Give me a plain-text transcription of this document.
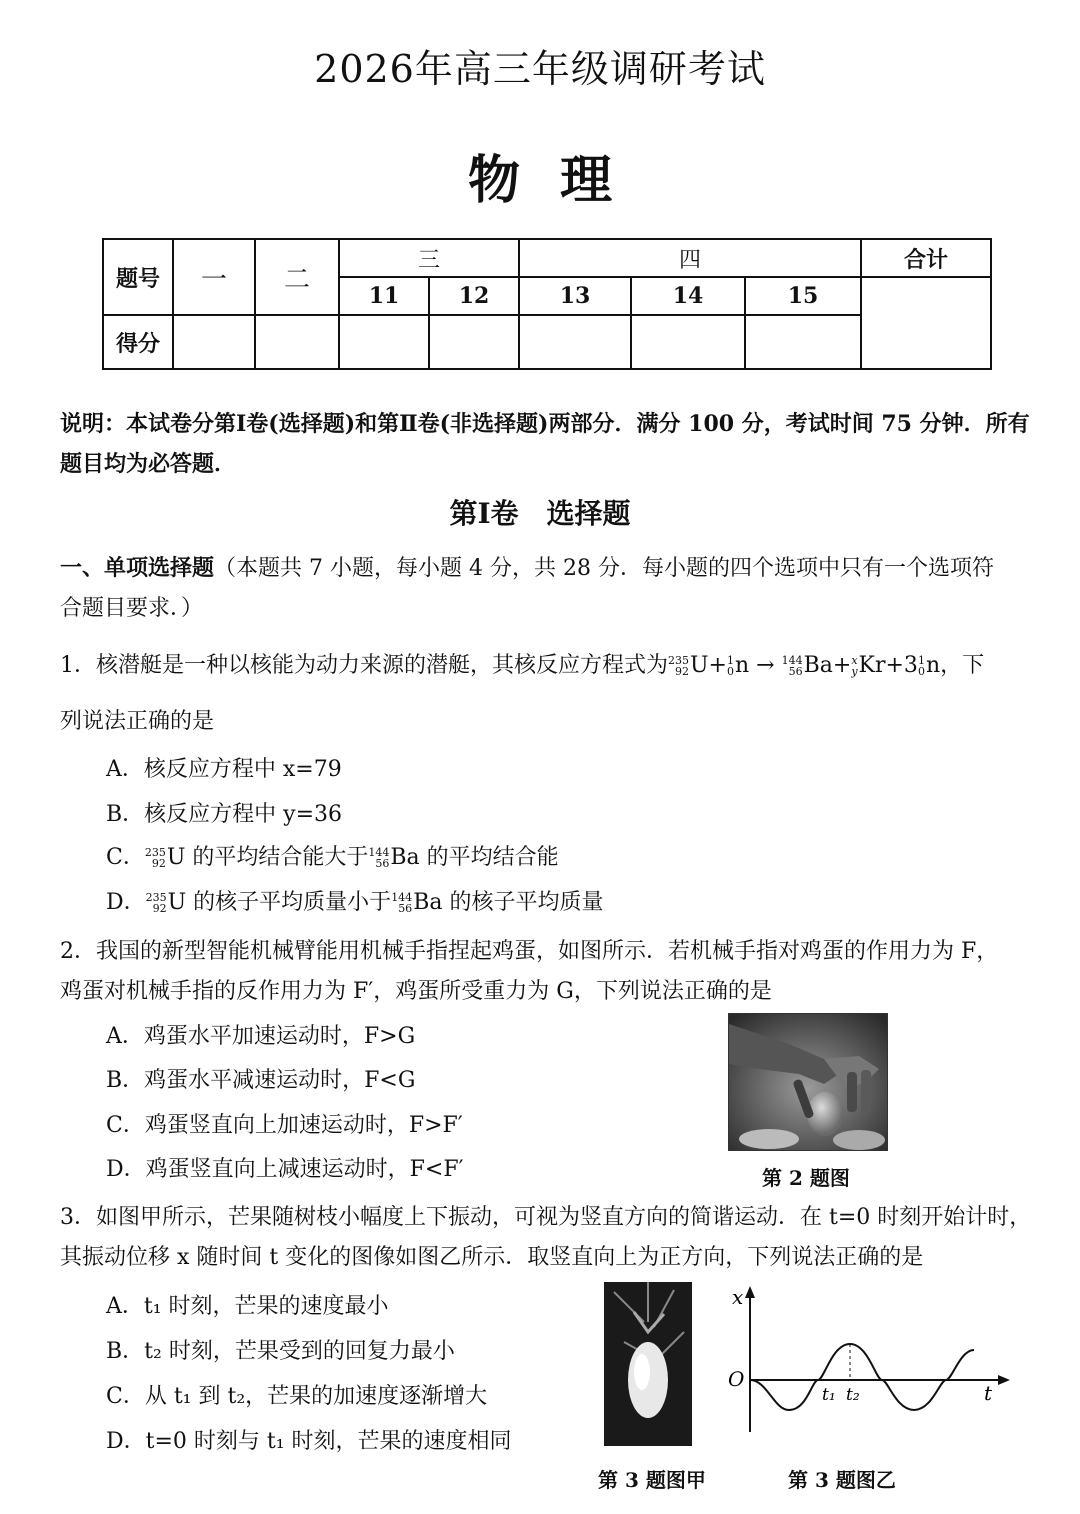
2026年高三年级调研考试
物理
题号	一	二	三		四			合计
			11	12	13	14	15	
得分								
说明：本试卷分第Ⅰ卷(选择题)和第Ⅱ卷(非选择题)两部分．满分 100 分，考试时间 75 分钟．所有
题目均为必答题．
第Ⅰ卷　选择题
一、单项选择题（本题共 7 小题，每小题 4 分，共 28 分．每小题的四个选项中只有一个选项符
合题目要求．）
1．核潜艇是一种以核能为动力来源的潜艇，其核反应方程式为 235
92 U+ 1
0 n → 144
56 Ba+ x
y Kr+3 1
0 n，下
列说法正确的是
A．核反应方程中 x=79
B．核反应方程中 y=36
C． 235
92 U 的平均结合能大于 144
56 Ba 的平均结合能
D． 235
92 U 的核子平均质量小于 144
56 Ba 的核子平均质量
2．我国的新型智能机械臂能用机械手指捏起鸡蛋，如图所示．若机械手指对鸡蛋的作用力为 F，
鸡蛋对机械手指的反作用力为 F′，鸡蛋所受重力为 G，下列说法正确的是
A．鸡蛋水平加速运动时，F>G
B．鸡蛋水平减速运动时，F<G
C．鸡蛋竖直向上加速运动时，F>F′
D．鸡蛋竖直向上减速运动时，F<F′	第 2 题图
3．如图甲所示，芒果随树枝小幅度上下振动，可视为竖直方向的简谐运动．在 t=0 时刻开始计时，
其振动位移 x 随时间 t 变化的图像如图乙所示．取竖直向上为正方向，下列说法正确的是
A．t₁ 时刻，芒果的速度最小
B．t₂ 时刻，芒果受到的回复力最小
C．从 t₁ 到 t₂，芒果的加速度逐渐增大
D．t=0 时刻与 t₁ 时刻，芒果的速度相同
x
t
O
t₁ t₂
第 3 题图甲	第 3 题图乙
